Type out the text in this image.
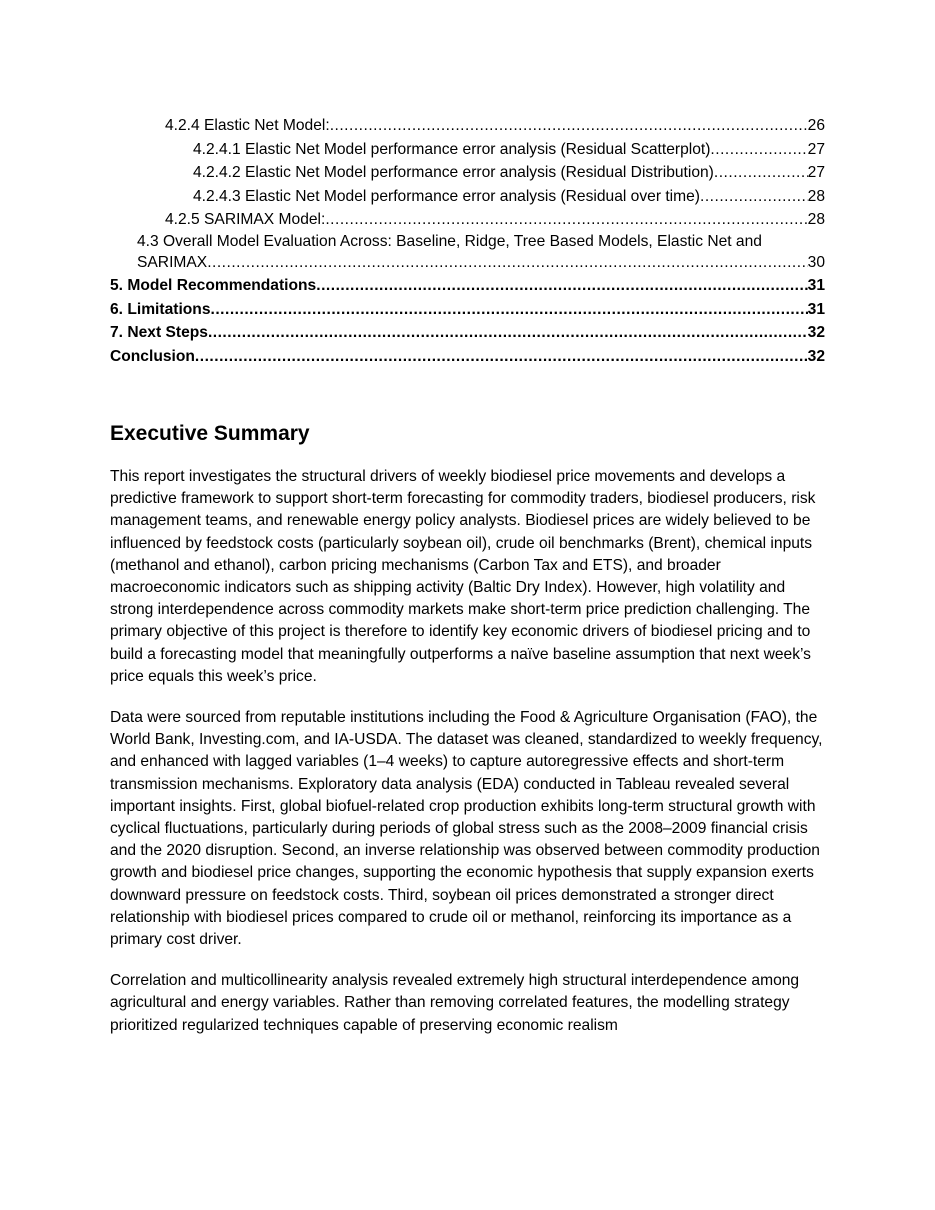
4.2.4 Elastic Net Model: .....	26
4.2.4.1 Elastic Net Model performance error analysis (Residual Scatterplot) .....	27
4.2.4.2 Elastic Net Model performance error analysis (Residual Distribution) .....	27
4.2.4.3 Elastic Net Model performance error analysis (Residual over time) .....	28
4.2.5 SARIMAX Model: .....	28
4.3 Overall Model Evaluation Across: Baseline, Ridge, Tree Based Models, Elastic Net and
SARIMAX .....	30
5. Model Recommendations .....	31
6. Limitations .....	31
7. Next Steps .....	32
Conclusion .....	32
Executive Summary

This report investigates the structural drivers of weekly biodiesel price movements and develops a predictive framework to support short-term forecasting for commodity traders, biodiesel producers, risk management teams, and renewable energy policy analysts. Biodiesel prices are widely believed to be influenced by feedstock costs (particularly soybean oil), crude oil benchmarks (Brent), chemical inputs (methanol and ethanol), carbon pricing mechanisms (Carbon Tax and ETS), and broader macroeconomic indicators such as shipping activity (Baltic Dry Index). However, high volatility and strong interdependence across commodity markets make short-term price prediction challenging. The primary objective of this project is therefore to identify key economic drivers of biodiesel pricing and to build a forecasting model that meaningfully outperforms a naïve baseline assumption that next week’s price equals this week’s price.

Data were sourced from reputable institutions including the Food & Agriculture Organisation (FAO), the World Bank, Investing.com, and IA-USDA. The dataset was cleaned, standardized to weekly frequency, and enhanced with lagged variables (1–4 weeks) to capture autoregressive effects and short-term transmission mechanisms. Exploratory data analysis (EDA) conducted in Tableau revealed several important insights. First, global biofuel-related crop production exhibits long-term structural growth with cyclical fluctuations, particularly during periods of global stress such as the 2008–2009 financial crisis and the 2020 disruption. Second, an inverse relationship was observed between commodity production growth and biodiesel price changes, supporting the economic hypothesis that supply expansion exerts downward pressure on feedstock costs. Third, soybean oil prices demonstrated a stronger direct relationship with biodiesel prices compared to crude oil or methanol, reinforcing its importance as a primary cost driver.

Correlation and multicollinearity analysis revealed extremely high structural interdependence among agricultural and energy variables. Rather than removing correlated features, the modelling strategy prioritized regularized techniques capable of preserving economic realism
